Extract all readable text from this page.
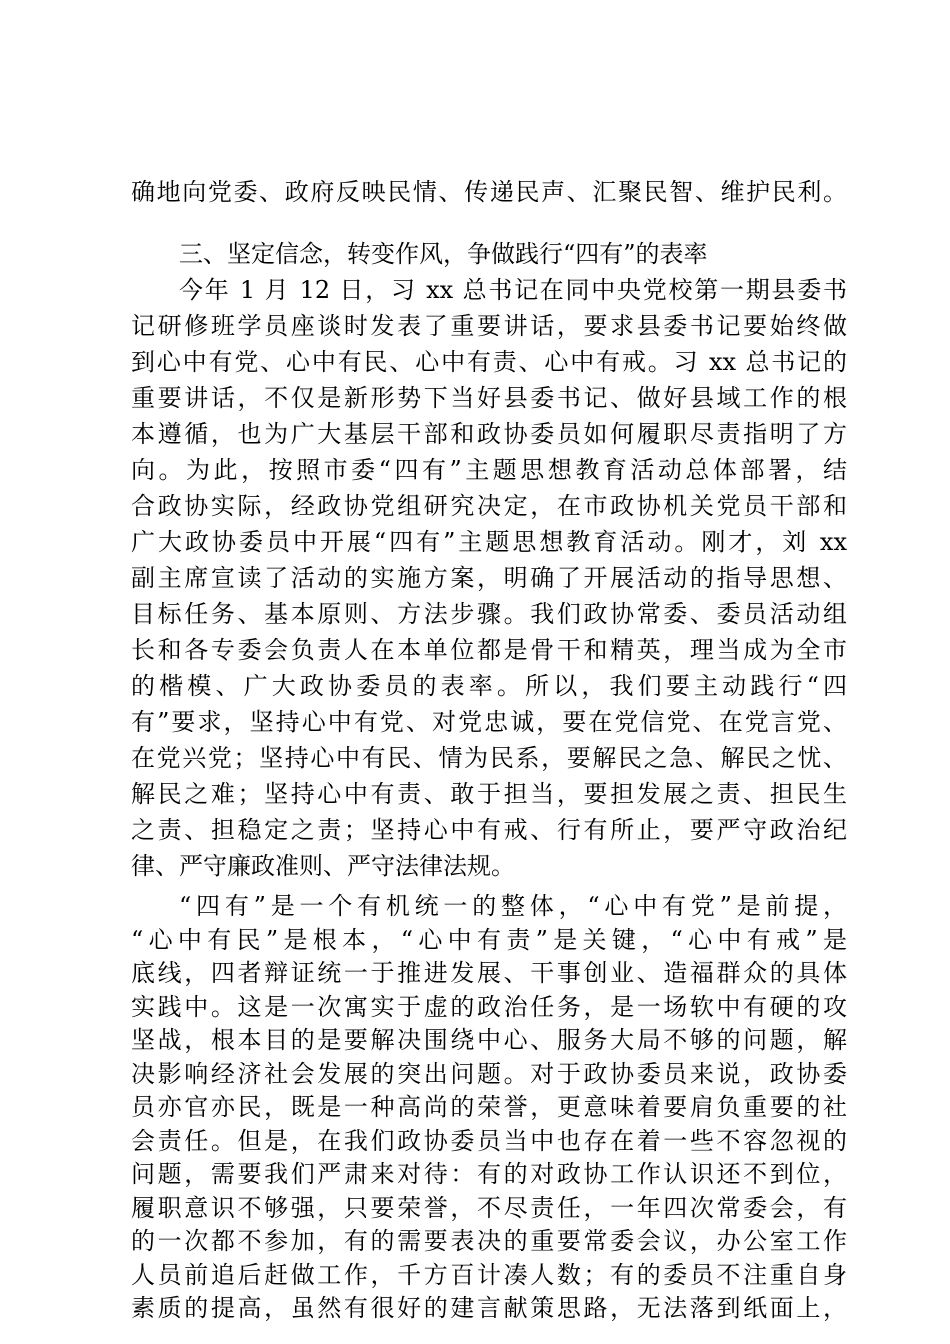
确地向党委、政府反映民情、传递民声、汇聚民智、维护民利。
三、坚定信念，转变作风，争做践行“四有”的表率
今年 1 月 12 日，习 xx 总书记在同中央党校第一期县委书
记研修班学员座谈时发表了重要讲话，要求县委书记要始终做
到心中有党、心中有民、心中有责、心中有戒。习 xx 总书记的
重要讲话，不仅是新形势下当好县委书记、做好县域工作的根
本遵循，也为广大基层干部和政协委员如何履职尽责指明了方
向。为此，按照市委“四有”主题思想教育活动总体部署，结
合政协实际，经政协党组研究决定，在市政协机关党员干部和
广大政协委员中开展“四有”主题思想教育活动。刚才，刘 xx
副主席宣读了活动的实施方案，明确了开展活动的指导思想、
目标任务、基本原则、方法步骤。我们政协常委、委员活动组
长和各专委会负责人在本单位都是骨干和精英，理当成为全市
的楷模、广大政协委员的表率。所以，我们要主动践行“四
有”要求，坚持心中有党、对党忠诚，要在党信党、在党言党、
在党兴党；坚持心中有民、情为民系，要解民之急、解民之忧、
解民之难；坚持心中有责、敢于担当，要担发展之责、担民生
之责、担稳定之责；坚持心中有戒、行有所止，要严守政治纪
律、严守廉政准则、严守法律法规。
“四有”是一个有机统一的整体，“心中有党”是前提，
“心中有民”是根本，“心中有责”是关键，“心中有戒”是
底线，四者辩证统一于推进发展、干事创业、造福群众的具体
实践中。这是一次寓实于虚的政治任务，是一场软中有硬的攻
坚战，根本目的是要解决围绕中心、服务大局不够的问题，解
决影响经济社会发展的突出问题。对于政协委员来说，政协委
员亦官亦民，既是一种高尚的荣誉，更意味着要肩负重要的社
会责任。但是，在我们政协委员当中也存在着一些不容忽视的
问题，需要我们严肃来对待：有的对政协工作认识还不到位，
履职意识不够强，只要荣誉，不尽责任，一年四次常委会，有
的一次都不参加，有的需要表决的重要常委会议，办公室工作
人员前追后赶做工作，千方百计凑人数；有的委员不注重自身
素质的提高，虽然有很好的建言献策思路，无法落到纸面上，
